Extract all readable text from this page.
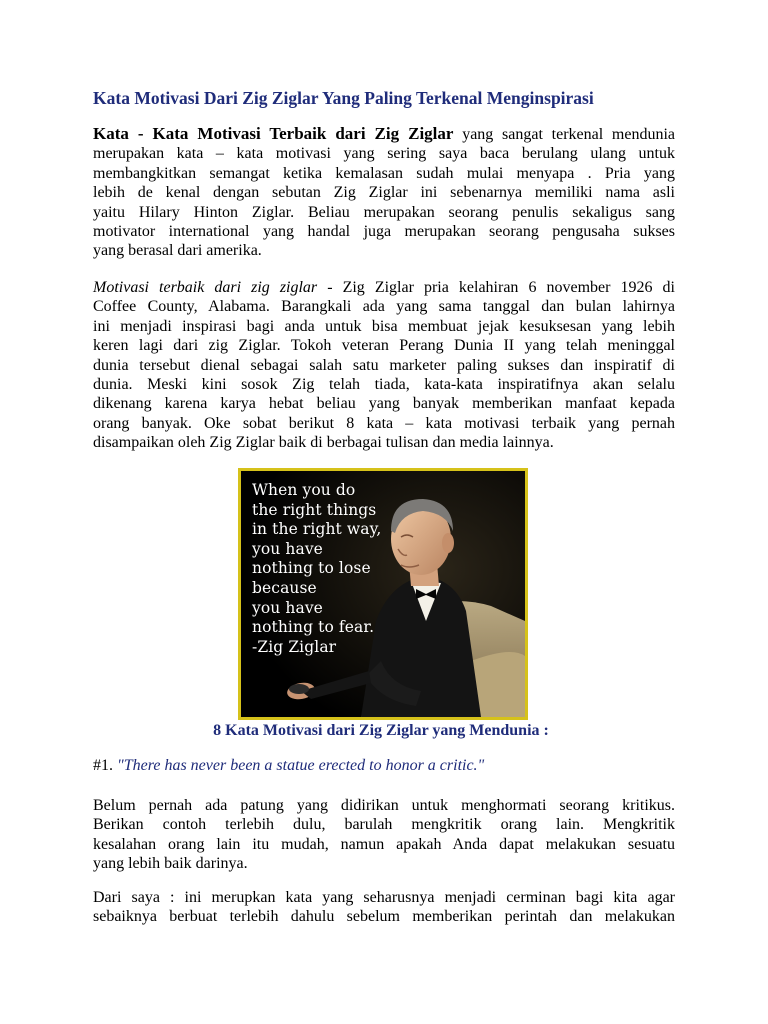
Kata Motivasi Dari Zig Ziglar Yang Paling Terkenal Menginspirasi
Kata - Kata Motivasi Terbaik dari Zig Ziglar yang sangat terkenal mendunia
merupakan kata – kata motivasi yang sering saya baca berulang ulang untuk
membangkitkan semangat ketika kemalasan sudah mulai menyapa . Pria yang
lebih de kenal dengan sebutan Zig Ziglar ini sebenarnya memiliki nama asli
yaitu Hilary Hinton Ziglar. Beliau merupakan seorang penulis sekaligus sang
motivator international yang handal juga merupakan seorang pengusaha sukses
yang berasal dari amerika.
Motivasi terbaik dari zig ziglar - Zig Ziglar pria kelahiran 6 november 1926 di
Coffee County, Alabama. Barangkali ada yang sama tanggal dan bulan lahirnya
ini menjadi inspirasi bagi anda untuk bisa membuat jejak kesuksesan yang lebih
keren lagi dari zig Ziglar. Tokoh veteran Perang Dunia II yang telah meninggal
dunia tersebut dienal sebagai salah satu marketer paling sukses dan inspiratif di
dunia. Meski kini sosok Zig telah tiada, kata-kata inspiratifnya akan selalu
dikenang karena karya hebat beliau yang banyak memberikan manfaat kepada
orang banyak. Oke sobat berikut 8 kata – kata motivasi terbaik yang pernah
disampaikan oleh Zig Ziglar baik di berbagai tulisan dan media lainnya.
When you do
the right things
in the right way,
you have
nothing to lose
because
you have
nothing to fear.
-Zig Ziglar
8 Kata Motivasi dari Zig Ziglar yang Mendunia :
#1. "There has never been a statue erected to honor a critic."
Belum pernah ada patung yang didirikan untuk menghormati seorang kritikus.
Berikan contoh terlebih dulu, barulah mengkritik orang lain. Mengkritik
kesalahan orang lain itu mudah, namun apakah Anda dapat melakukan sesuatu
yang lebih baik darinya.
Dari saya : ini merupkan kata yang seharusnya menjadi cerminan bagi kita agar
sebaiknya berbuat terlebih dahulu sebelum memberikan perintah dan melakukan
